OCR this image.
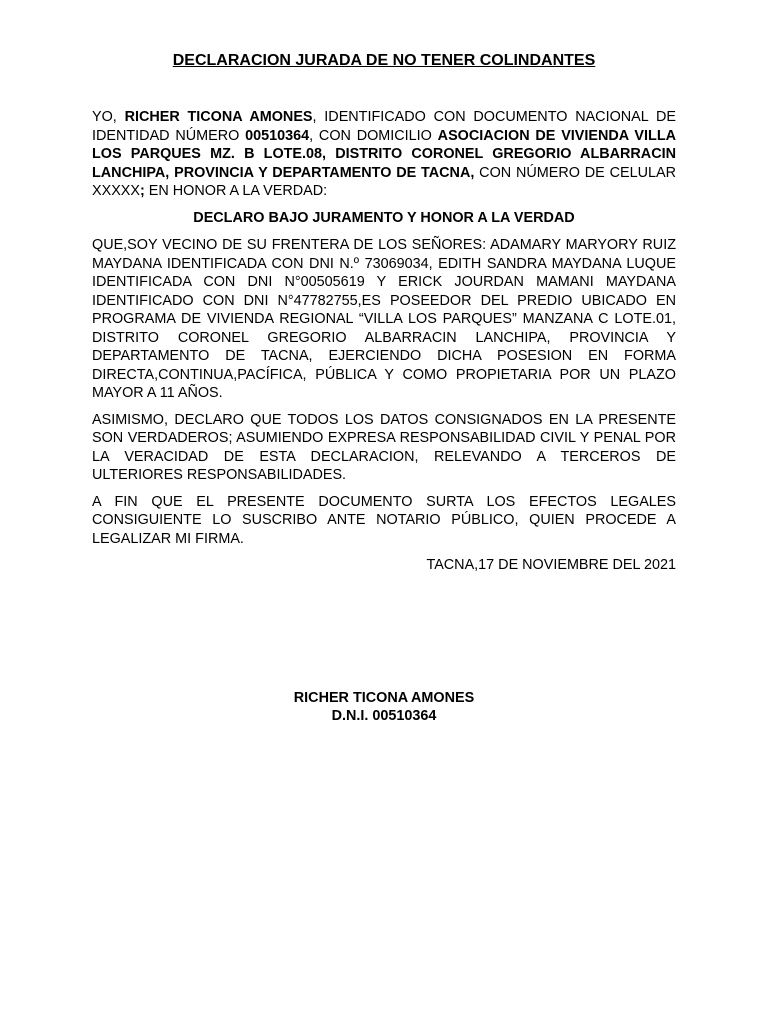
DECLARACION JURADA DE NO TENER COLINDANTES

YO, RICHER TICONA AMONES, IDENTIFICADO CON DOCUMENTO NACIONAL DE IDENTIDAD NÚMERO 00510364, CON DOMICILIO ASOCIACION DE VIVIENDA VILLA LOS PARQUES MZ. B LOTE.08, DISTRITO CORONEL GREGORIO ALBARRACIN LANCHIPA, PROVINCIA Y DEPARTAMENTO DE TACNA, CON NÚMERO DE CELULAR XXXXX; EN HONOR A LA VERDAD:

DECLARO BAJO JURAMENTO Y HONOR A LA VERDAD

QUE,SOY VECINO DE SU FRENTERA DE LOS SEÑORES: ADAMARY MARYORY RUIZ MAYDANA IDENTIFICADA CON DNI N.º 73069034, EDITH SANDRA MAYDANA LUQUE IDENTIFICADA CON DNI N°00505619 Y ERICK JOURDAN MAMANI MAYDANA IDENTIFICADO CON DNI N°47782755,ES POSEEDOR DEL PREDIO UBICADO EN PROGRAMA DE VIVIENDA REGIONAL “VILLA LOS PARQUES” MANZANA C LOTE.01, DISTRITO CORONEL GREGORIO ALBARRACIN LANCHIPA, PROVINCIA Y DEPARTAMENTO DE TACNA, EJERCIENDO DICHA POSESION EN FORMA DIRECTA,CONTINUA,PACÍFICA, PÚBLICA Y COMO PROPIETARIA POR UN PLAZO MAYOR A 11 AÑOS.

ASIMISMO, DECLARO QUE TODOS LOS DATOS CONSIGNADOS EN LA PRESENTE SON VERDADEROS; ASUMIENDO EXPRESA RESPONSABILIDAD CIVIL Y PENAL POR LA VERACIDAD DE ESTA DECLARACION, RELEVANDO A TERCEROS DE ULTERIORES RESPONSABILIDADES.

A FIN QUE EL PRESENTE DOCUMENTO SURTA LOS EFECTOS LEGALES CONSIGUIENTE LO SUSCRIBO ANTE NOTARIO PÚBLICO, QUIEN PROCEDE A LEGALIZAR MI FIRMA.

TACNA,17 DE NOVIEMBRE DEL 2021

RICHER TICONA AMONES
D.N.I. 00510364
